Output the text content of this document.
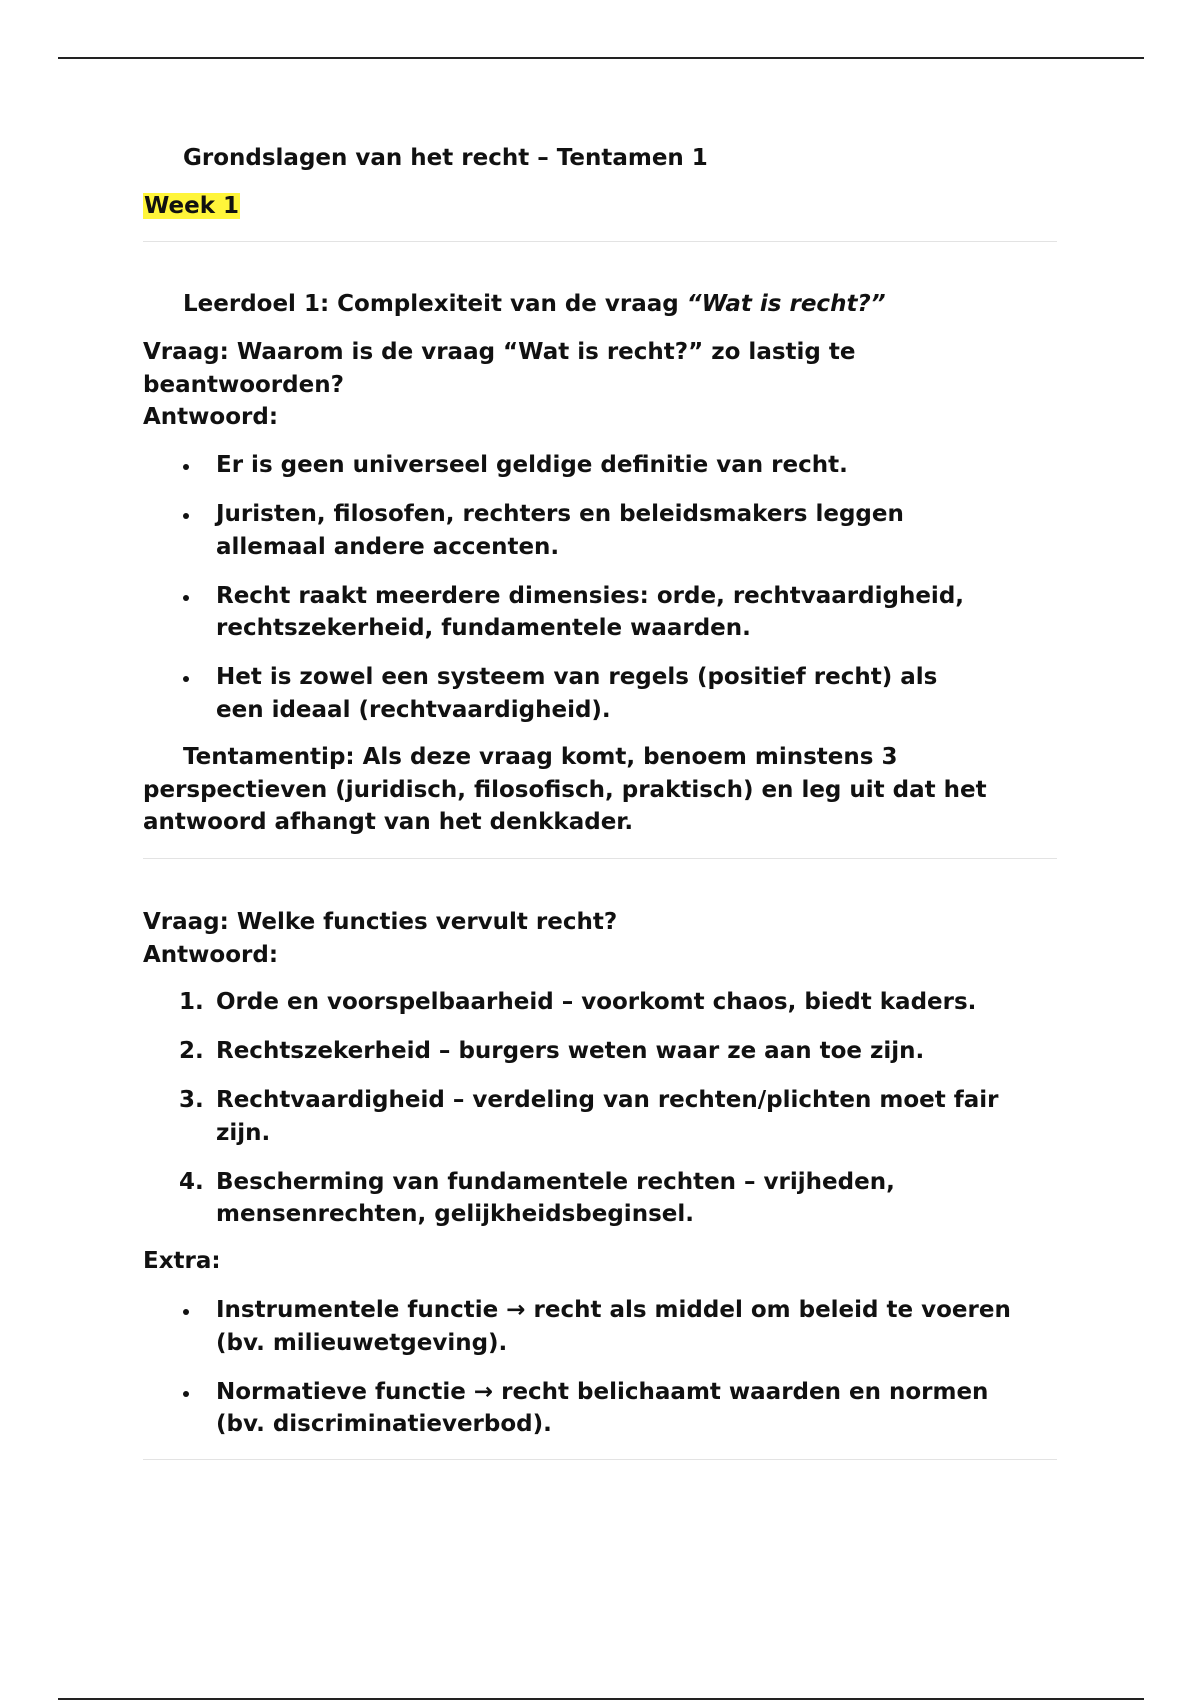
Grondslagen van het recht – Tentamen 1

Week 1

Leerdoel 1: Complexiteit van de vraag “Wat is recht?”

Vraag: Waarom is de vraag “Wat is recht?” zo lastig te

beantwoorden?

Antwoord:

Er is geen universeel geldige definitie van recht.
Juristen, filosofen, rechters en beleidsmakers leggen
allemaal andere accenten.
Recht raakt meerdere dimensies: orde, rechtvaardigheid,
rechtszekerheid, fundamentele waarden.
Het is zowel een systeem van regels (positief recht) als
een ideaal (rechtvaardigheid).

Tentamentip: Als deze vraag komt, benoem minstens 3

perspectieven (juridisch, filosofisch, praktisch) en leg uit dat het

antwoord afhangt van het denkkader.

Vraag: Welke functies vervult recht?

Antwoord:

1. Orde en voorspelbaarheid – voorkomt chaos, biedt kaders.
2. Rechtszekerheid – burgers weten waar ze aan toe zijn.
3. Rechtvaardigheid – verdeling van rechten/plichten moet fair
zijn.
4. Bescherming van fundamentele rechten – vrijheden,
mensenrechten, gelijkheidsbeginsel.

Extra:

Instrumentele functie → recht als middel om beleid te voeren
(bv. milieuwetgeving).
Normatieve functie → recht belichaamt waarden en normen
(bv. discriminatieverbod).
